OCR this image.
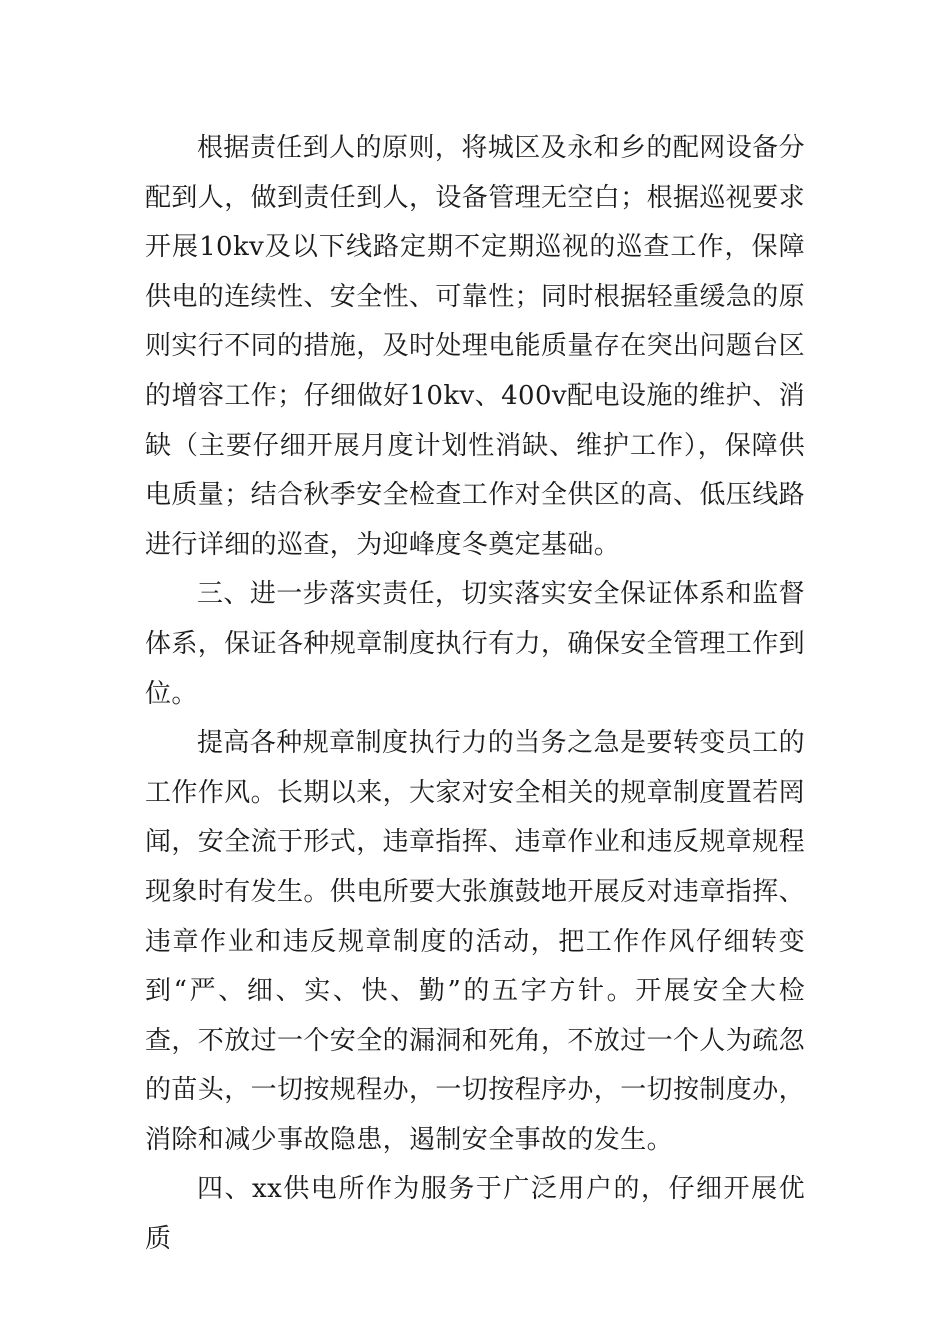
根据责任到人的原则，将城区及永和乡的配网设备分配到人，做到责任到人，设备管理无空白；根据巡视要求开展10kv及以下线路定期不定期巡视的巡查工作，保障供电的连续性、安全性、可靠性；同时根据轻重缓急的原则实行不同的措施，及时处理电能质量存在突出问题台区的增容工作；仔细做好10kv、400v配电设施的维护、消缺（主要仔细开展月度计划性消缺、维护工作），保障供电质量；结合秋季安全检查工作对全供区的高、低压线路进行详细的巡查，为迎峰度冬奠定基础。

三、进一步落实责任，切实落实安全保证体系和监督体系，保证各种规章制度执行有力，确保安全管理工作到位。

提高各种规章制度执行力的当务之急是要转变员工的工作作风。长期以来，大家对安全相关的规章制度置若罔闻，安全流于形式，违章指挥、违章作业和违反规章规程现象时有发生。供电所要大张旗鼓地开展反对违章指挥、违章作业和违反规章制度的活动，把工作作风仔细转变到“严、细、实、快、勤”的五字方针。开展安全大检查，不放过一个安全的漏洞和死角，不放过一个人为疏忽的苗头，一切按规程办，一切按程序办，一切按制度办，消除和减少事故隐患，遏制安全事故的发生。

四、xx供电所作为服务于广泛用户的，仔细开展优质
